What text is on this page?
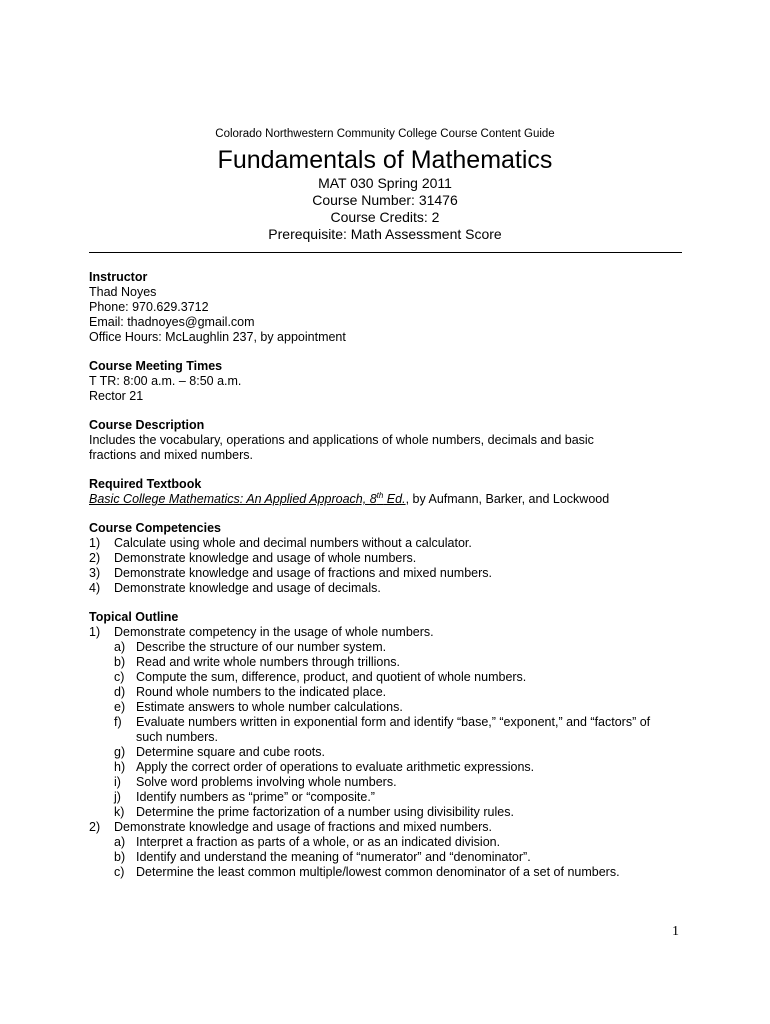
Colorado Northwestern Community College Course Content Guide
Fundamentals of Mathematics
MAT 030 Spring 2011
Course Number: 31476
Course Credits: 2
Prerequisite: Math Assessment Score
Instructor
Thad Noyes
Phone: 970.629.3712
Email: thadnoyes@gmail.com
Office Hours: McLaughlin 237, by appointment
Course Meeting Times
T TR: 8:00 a.m. – 8:50 a.m.
Rector 21
Course Description
Includes the vocabulary, operations and applications of whole numbers, decimals and basic
fractions and mixed numbers.
Required Textbook
Basic College Mathematics: An Applied Approach, 8th Ed., by Aufmann, Barker, and Lockwood
Course Competencies
1)	Calculate using whole and decimal numbers without a calculator.
2)	Demonstrate knowledge and usage of whole numbers.
3)	Demonstrate knowledge and usage of fractions and mixed numbers.
4)	Demonstrate knowledge and usage of decimals.
Topical Outline
1)	Demonstrate competency in the usage of whole numbers.
a) Describe the structure of our number system.
b) Read and write whole numbers through trillions.
c) Compute the sum, difference, product, and quotient of whole numbers.
d) Round whole numbers to the indicated place.
e) Estimate answers to whole number calculations.
f)	Evaluate numbers written in exponential form and identify “base,” “exponent,” and “factors” of such numbers.
g) Determine square and cube roots.
h) Apply the correct order of operations to evaluate arithmetic expressions.
i)	Solve word problems involving whole numbers.
j)	Identify numbers as “prime” or “composite.”
k) Determine the prime factorization of a number using divisibility rules.
2)	Demonstrate knowledge and usage of fractions and mixed numbers.
a) Interpret a fraction as parts of a whole, or as an indicated division.
b) Identify and understand the meaning of “numerator” and “denominator”.
c) Determine the least common multiple/lowest common denominator of a set of numbers.
1
